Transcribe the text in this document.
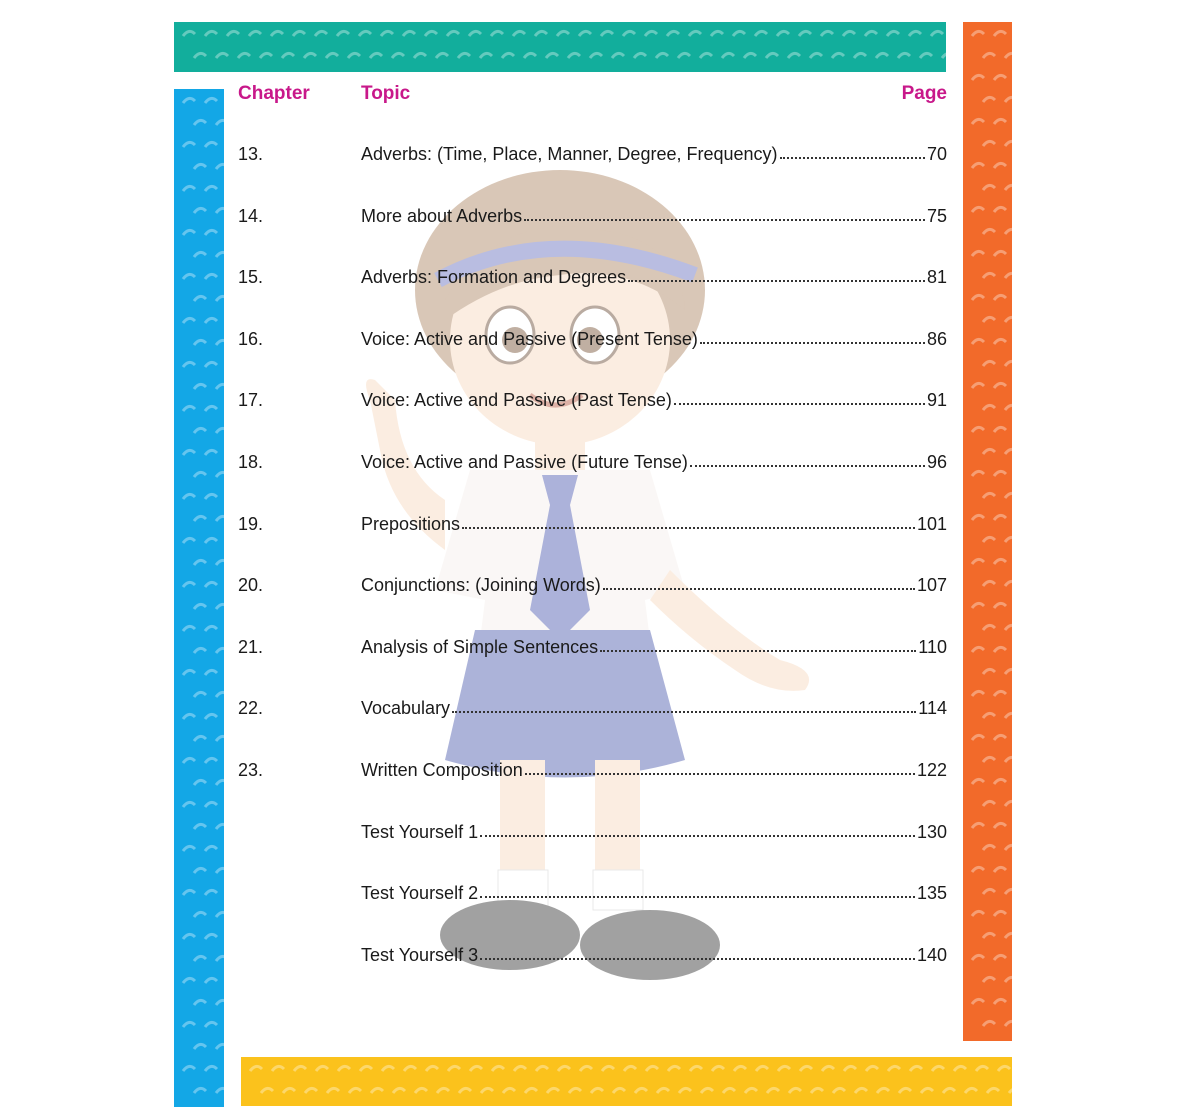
Chapter	Topic	Page
13.	Adverbs: (Time, Place, Manner, Degree, Frequency)	70
14.	More about Adverbs	75
15.	Adverbs: Formation and Degrees	81
16.	Voice: Active and Passive (Present Tense)	86
17.	Voice: Active and Passive (Past Tense)	91
18.	Voice: Active and Passive (Future Tense)	96
19.	Prepositions	101
20.	Conjunctions: (Joining Words)	107
21.	Analysis of Simple Sentences	110
22.	Vocabulary	114
23.	Written Composition	122
Test Yourself 1	130
Test Yourself 2	135
Test Yourself 3	140
